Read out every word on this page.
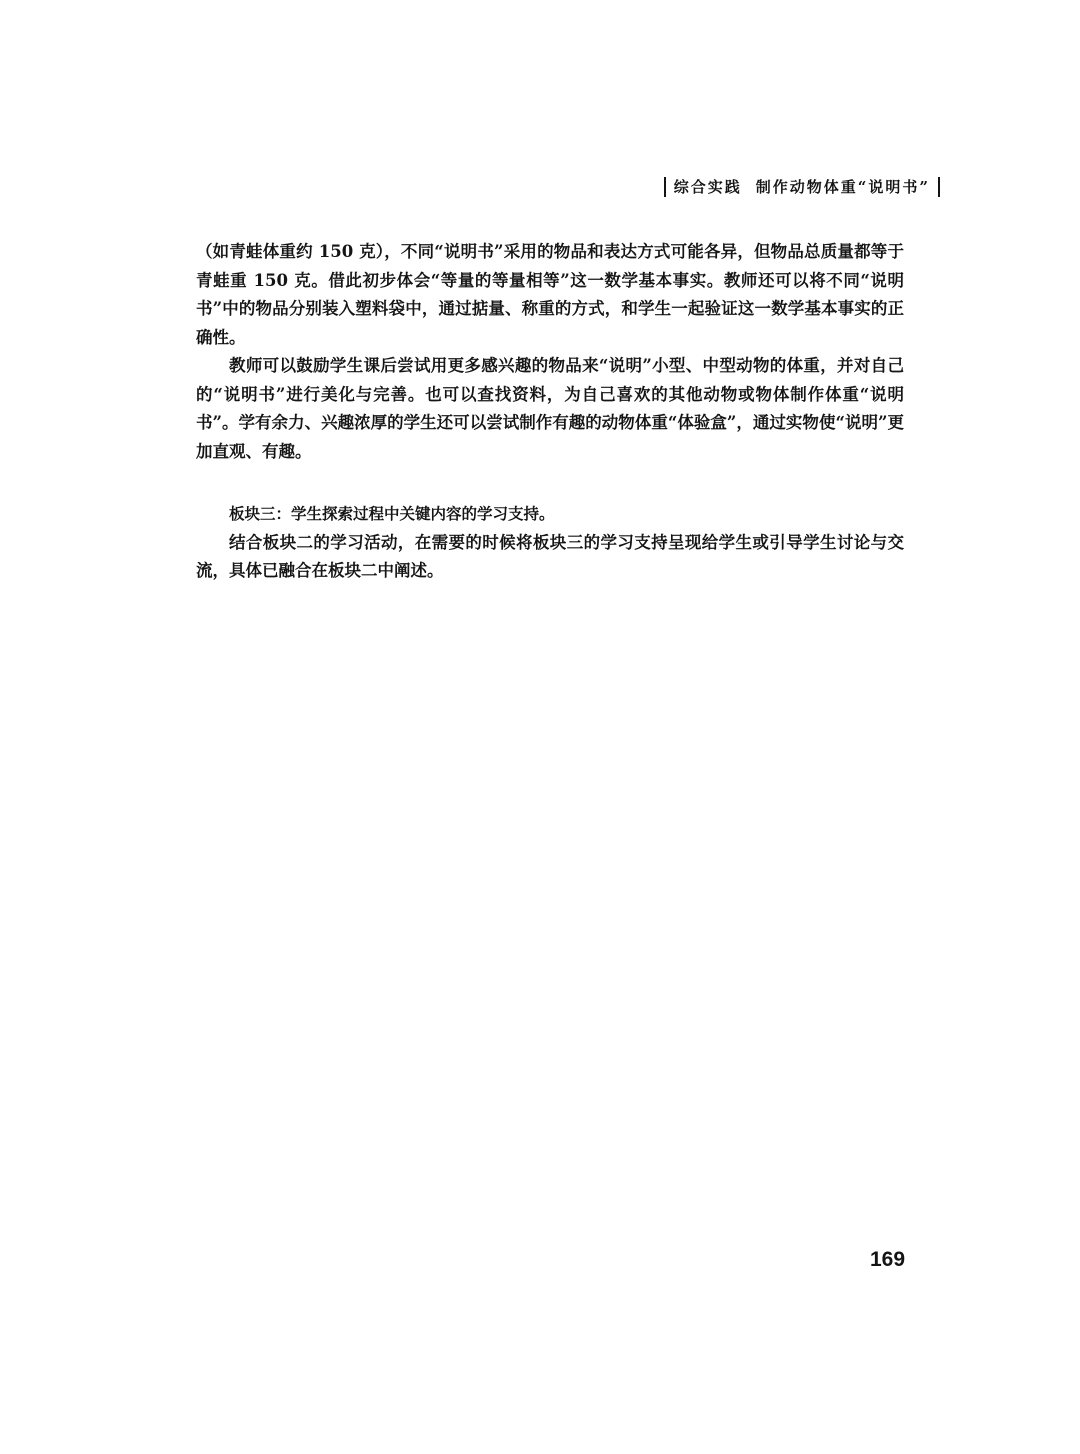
综合实践 制作动物体重“说明书”

（如青蛙体重约 150 克），不同“说明书”采用的物品和表达方式可能各异，但物品总质量都等于青蛙重 150 克。借此初步体会“等量的等量相等”这一数学基本事实。教师还可以将不同“说明书”中的物品分别装入塑料袋中，通过掂量、称重的方式，和学生一起验证这一数学基本事实的正确性。

教师可以鼓励学生课后尝试用更多感兴趣的物品来“说明”小型、中型动物的体重，并对自己的“说明书”进行美化与完善。也可以查找资料，为自己喜欢的其他动物或物体制作体重“说明书”。学有余力、兴趣浓厚的学生还可以尝试制作有趣的动物体重“体验盒”，通过实物使“说明”更加直观、有趣。

板块三：学生探索过程中关键内容的学习支持。

结合板块二的学习活动，在需要的时候将板块三的学习支持呈现给学生或引导学生讨论与交流，具体已融合在板块二中阐述。

169
